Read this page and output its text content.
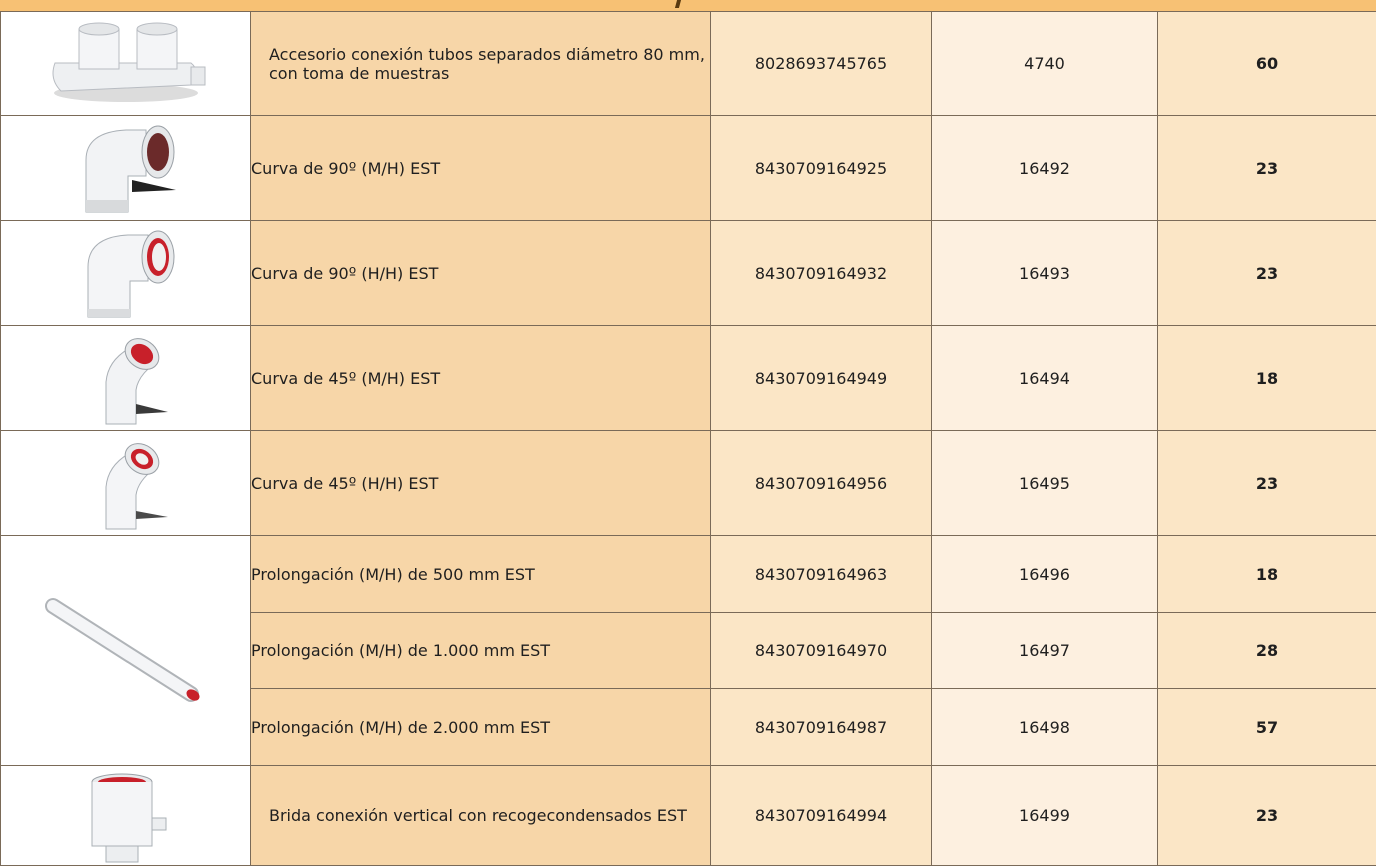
	Accesorio conexión tubos separados diámetro 80 mm, con toma de muestras	8028693745765	4740	60

	Curva de 90º (M/H) EST	8430709164925	16492	23

	Curva de 90º (H/H) EST	8430709164932	16493	23

	Curva de 45º (M/H) EST	8430709164949	16494	18

	Curva de 45º (H/H) EST	8430709164956	16495	23

	Prolongación (M/H) de 500 mm EST	8430709164963	16496	18
	Prolongación (M/H) de 1.000 mm EST	8430709164970	16497	28
	Prolongación (M/H) de 2.000 mm EST	8430709164987	16498	57

	Brida conexión vertical con recogecondensados EST	8430709164994	16499	23
